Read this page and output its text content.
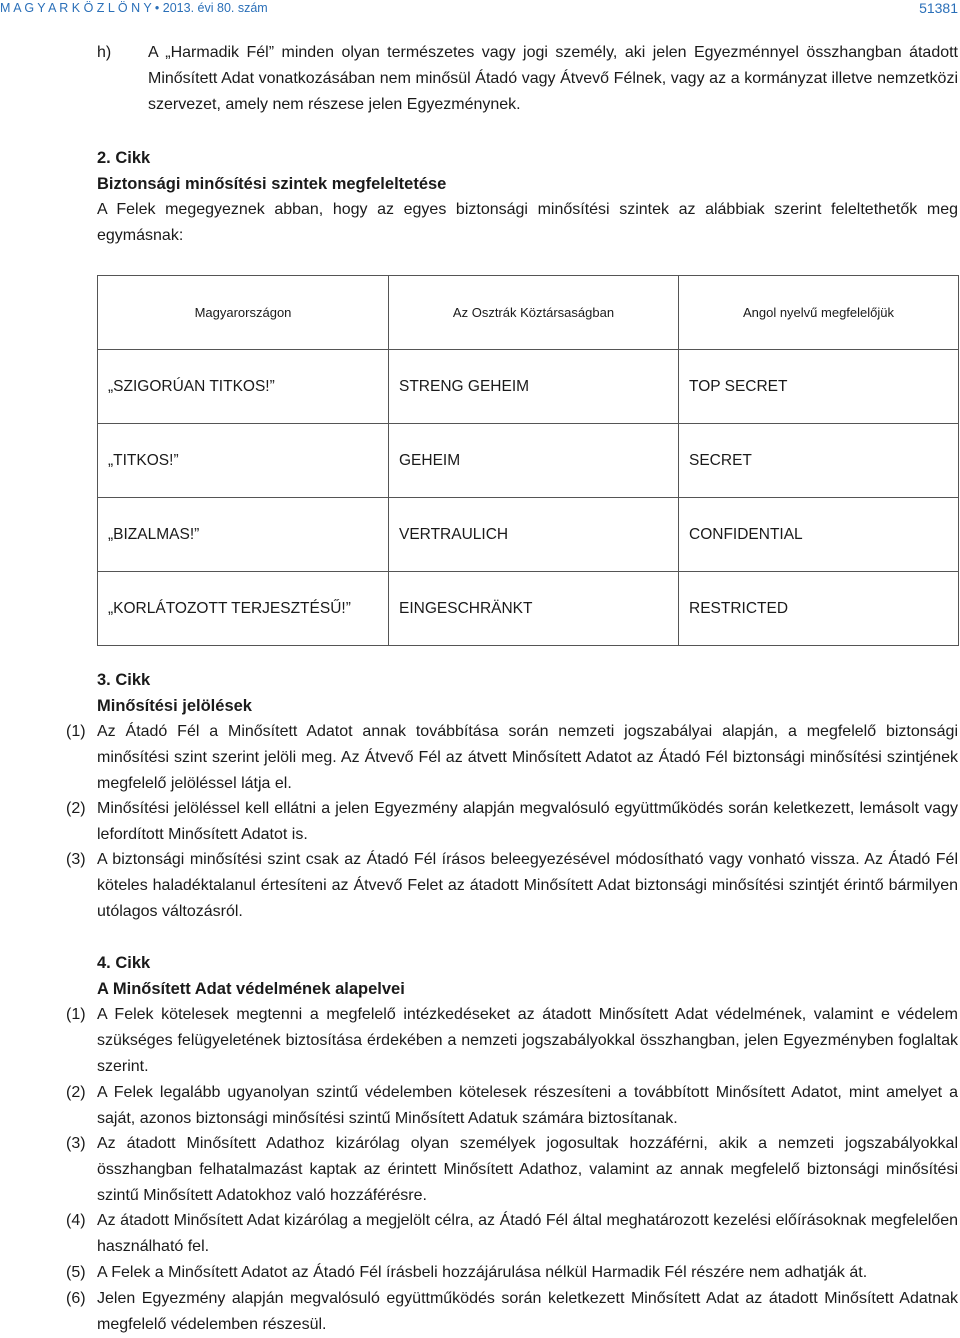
M A G Y A R K Ö Z L Ö N Y • 2013. évi 80. szám	51381
h) A „Harmadik Fél” minden olyan természetes vagy jogi személy, aki jelen Egyezménnyel összhangban átadott Minősített Adat vonatkozásában nem minősül Átadó vagy Átvevő Félnek, vagy az a kormányzat illetve nemzetközi szervezet, amely nem részese jelen Egyezménynek.
2. Cikk
Biztonsági minősítési szintek megfeleltetése
A Felek megegyeznek abban, hogy az egyes biztonsági minősítési szintek az alábbiak szerint feleltethetők meg egymásnak:
Magyarországon	Az Osztrák Köztársaságban	Angol nyelvű megfelelőjük
„SZIGORÚAN TITKOS!”	STRENG GEHEIM	TOP SECRET
„TITKOS!”	GEHEIM	SECRET
„BIZALMAS!”	VERTRAULICH	CONFIDENTIAL
„KORLÁTOZOTT TERJESZTÉSŰ!”	EINGESCHRÄNKT	RESTRICTED
3. Cikk
Minősítési jelölések
(1) Az Átadó Fél a Minősített Adatot annak továbbítása során nemzeti jogszabályai alapján, a megfelelő biztonsági minősítési szint szerint jelöli meg. Az Átvevő Fél az átvett Minősített Adatot az Átadó Fél biztonsági minősítési szintjének megfelelő jelöléssel látja el.
(2) Minősítési jelöléssel kell ellátni a jelen Egyezmény alapján megvalósuló együttműködés során keletkezett, lemásolt vagy lefordított Minősített Adatot is.
(3) A biztonsági minősítési szint csak az Átadó Fél írásos beleegyezésével módosítható vagy vonható vissza. Az Átadó Fél köteles haladéktalanul értesíteni az Átvevő Felet az átadott Minősített Adat biztonsági minősítési szintjét érintő bármilyen utólagos változásról.
4. Cikk
A Minősített Adat védelmének alapelvei
(1) A Felek kötelesek megtenni a megfelelő intézkedéseket az átadott Minősített Adat védelmének, valamint e védelem szükséges felügyeletének biztosítása érdekében a nemzeti jogszabályokkal összhangban, jelen Egyezményben foglaltak szerint.
(2) A Felek legalább ugyanolyan szintű védelemben kötelesek részesíteni a továbbított Minősített Adatot, mint amelyet a saját, azonos biztonsági minősítési szintű Minősített Adatuk számára biztosítanak.
(3) Az átadott Minősített Adathoz kizárólag olyan személyek jogosultak hozzáférni, akik a nemzeti jogszabályokkal összhangban felhatalmazást kaptak az érintett Minősített Adathoz, valamint az annak megfelelő biztonsági minősítési szintű Minősített Adatokhoz való hozzáférésre.
(4) Az átadott Minősített Adat kizárólag a megjelölt célra, az Átadó Fél által meghatározott kezelési előírásoknak megfelelően használható fel.
(5) A Felek a Minősített Adatot az Átadó Fél írásbeli hozzájárulása nélkül Harmadik Fél részére nem adhatják át.
(6) Jelen Egyezmény alapján megvalósuló együttműködés során keletkezett Minősített Adat az átadott Minősített Adatnak megfelelő védelemben részesül.
